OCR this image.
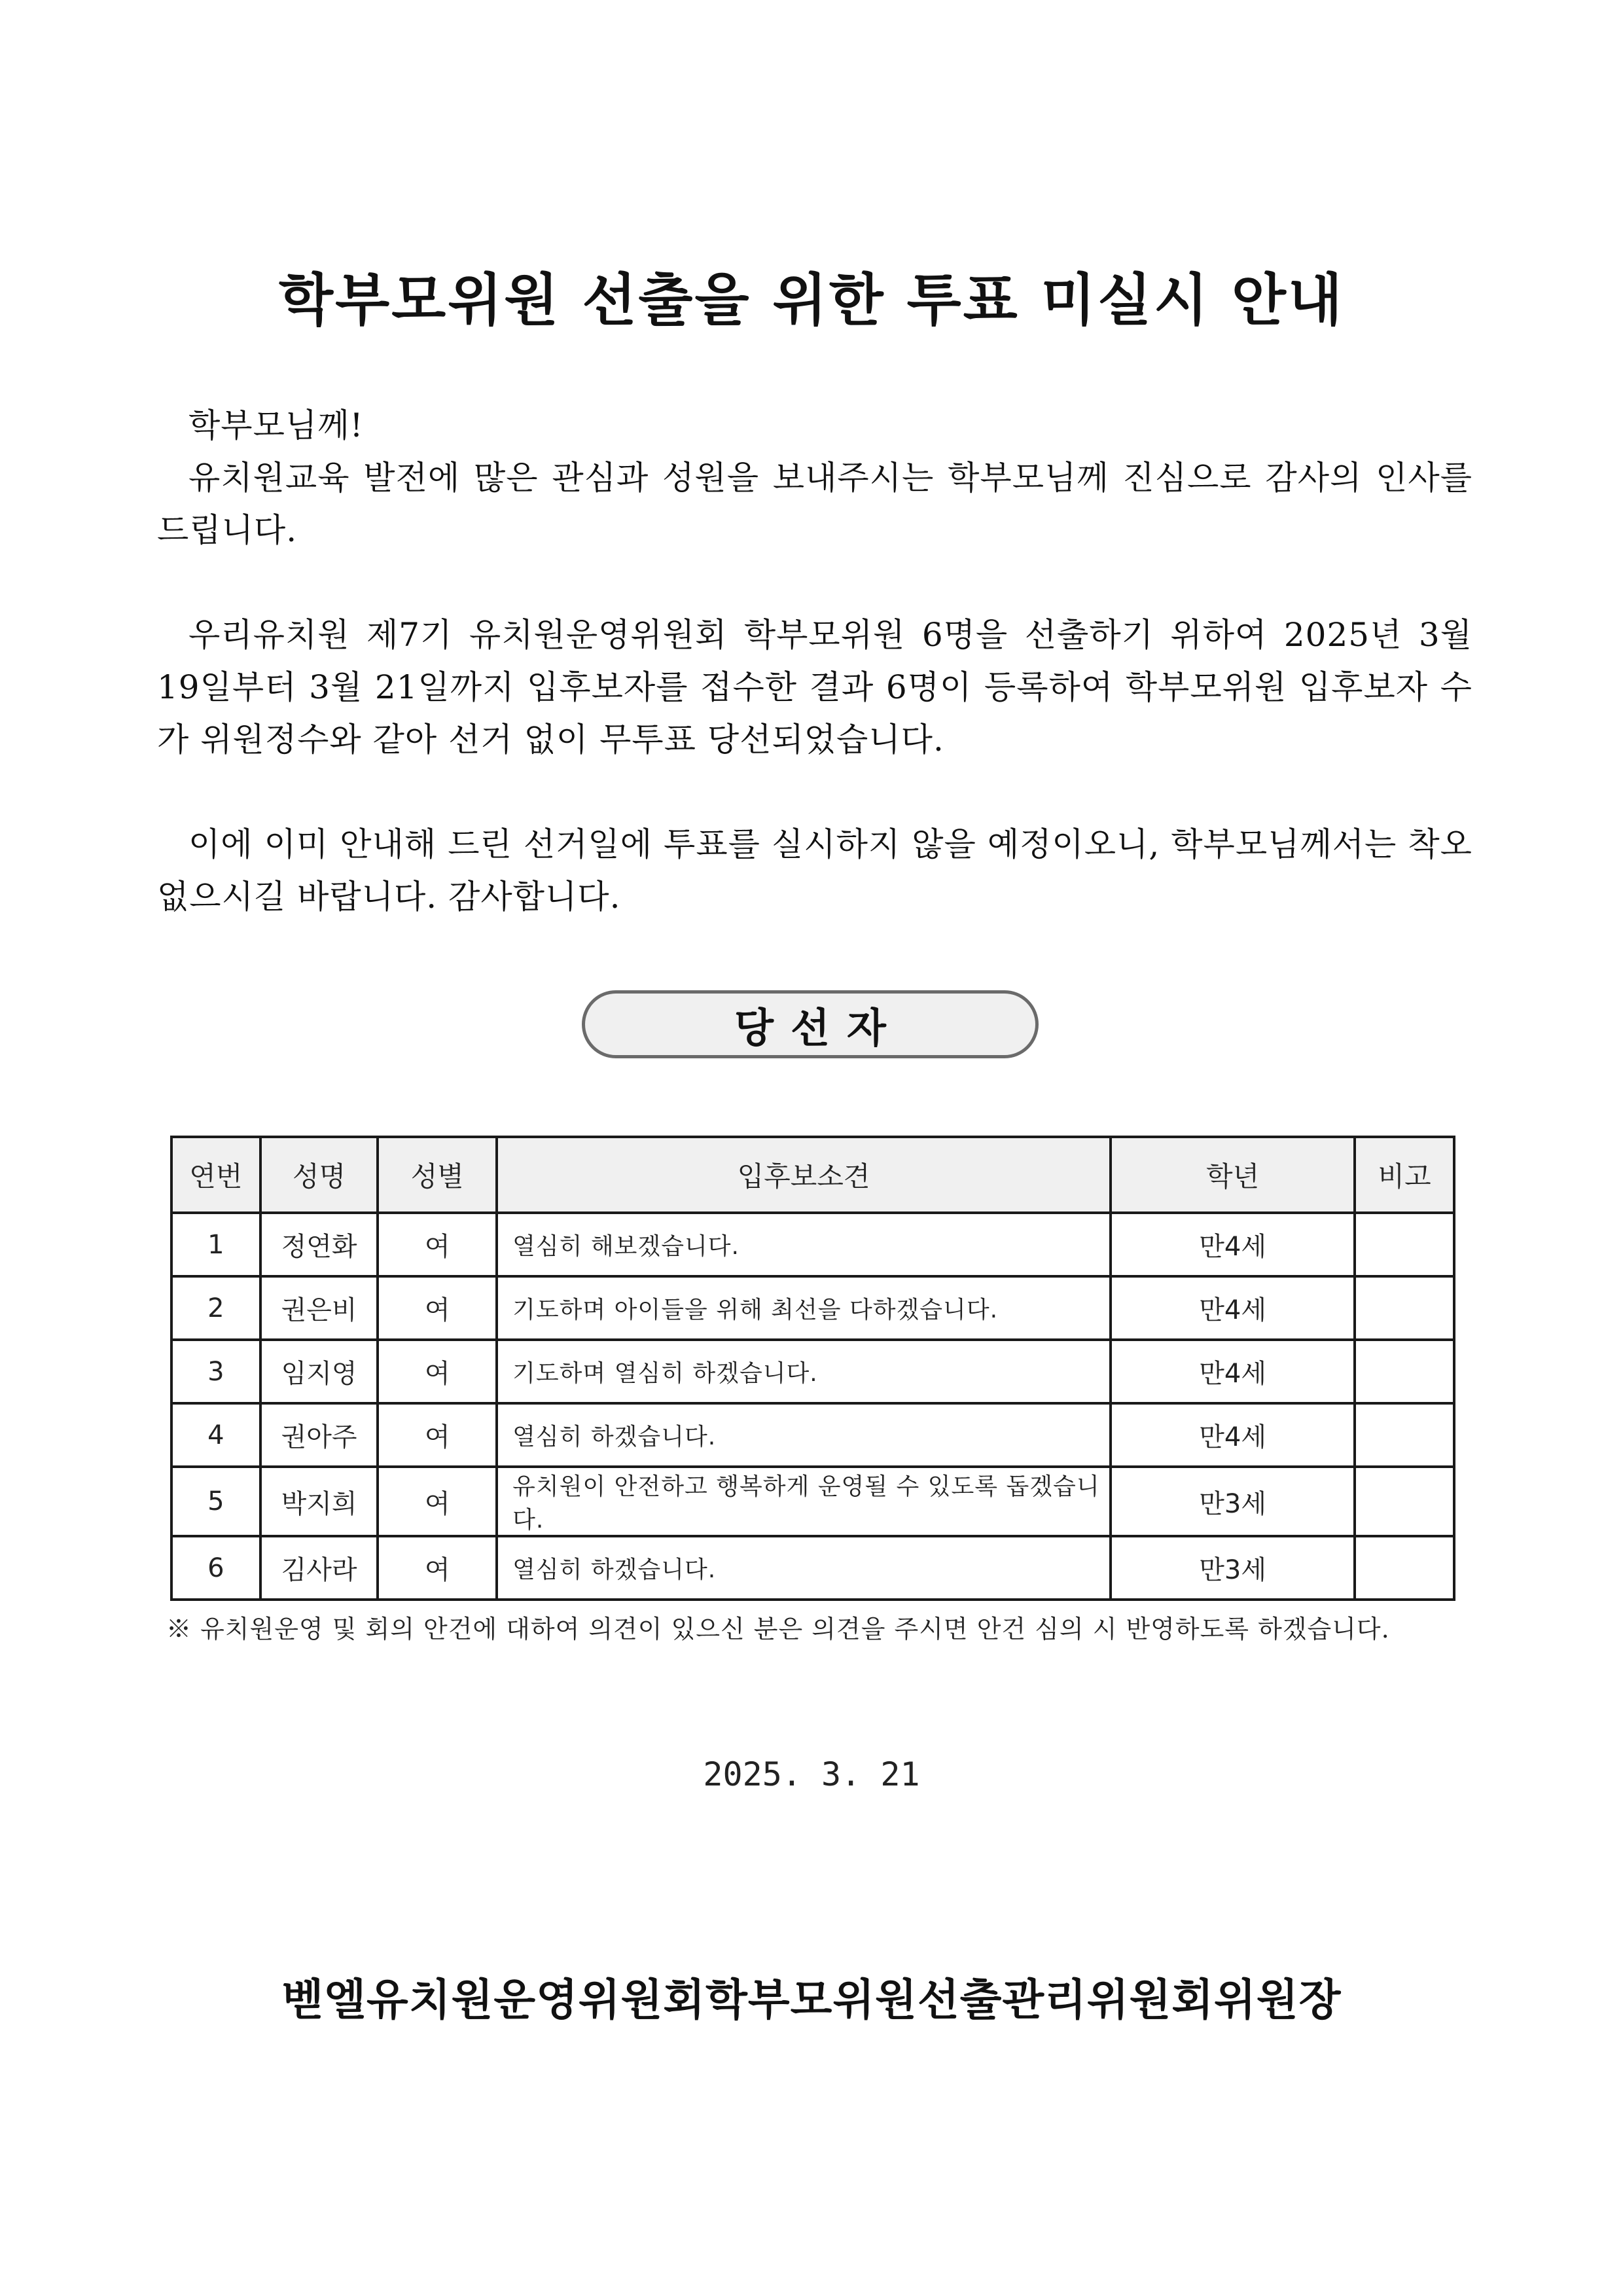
학부모위원 선출을 위한 투표 미실시 안내

학부모님께!

유치원교육 발전에 많은 관심과 성원을 보내주시는 학부모님께 진심으로 감사의 인사를 드립니다.

우리유치원 제7기 유치원운영위원회 학부모위원 6명을 선출하기 위하여 2025년 3월 19일부터 3월 21일까지 입후보자를 접수한 결과 6명이 등록하여 학부모위원 입후보자 수가 위원정수와 같아 선거 없이 무투표 당선되었습니다.

이에 이미 안내해 드린 선거일에 투표를 실시하지 않을 예정이오니, 학부모님께서는 착오 없으시길 바랍니다. 감사합니다.

당선자
연번	성명	성별	입후보소견	학년	비고
1	정연화	여	열심히 해보겠습니다.	만4세	
2	권은비	여	기도하며 아이들을 위해 최선을 다하겠습니다.	만4세	
3	임지영	여	기도하며 열심히 하겠습니다.	만4세	
4	권아주	여	열심히 하겠습니다.	만4세	
5	박지희	여	유치원이 안전하고 행복하게 운영될 수 있도록 돕겠습니다.	만3세	
6	김사라	여	열심히 하겠습니다.	만3세	
※ 유치원운영 및 회의 안건에 대하여 의견이 있으신 분은 의견을 주시면 안건 심의 시 반영하도록 하겠습니다.
2025. 3. 21
벧엘유치원운영위원회학부모위원선출관리위원회위원장
